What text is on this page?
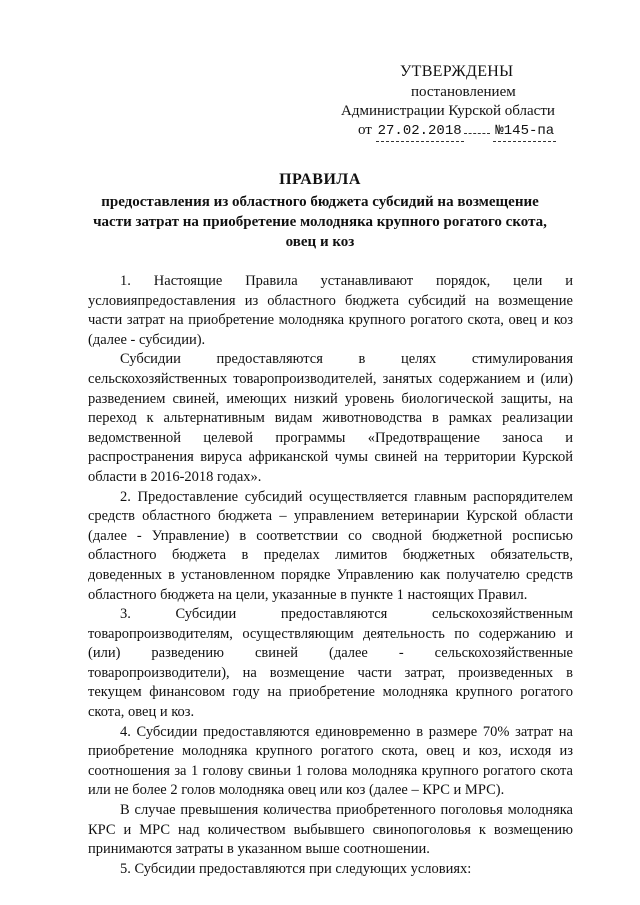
УТВЕРЖДЕНЫ
постановлением
Администрации Курской области
от 27.02.2018 №145-па
ПРАВИЛА
предоставления из областного бюджета субсидий на возмещение части затрат на приобретение молодняка крупного рогатого скота, овец и коз

1. Настоящие Правила устанавливают порядок, цели и условияпредоставления из областного бюджета субсидий на возмещение части затрат на приобретение молодняка крупного рогатого скота, овец и коз (далее - субсидии).

Субсидии предоставляются в целях стимулирования сельскохозяйственных товаропроизводителей, занятых содержанием и (или) разведением свиней, имеющих низкий уровень биологической защиты, на переход к альтернативным видам животноводства в рамках реализации ведомственной целевой программы «Предотвращение заноса и распространения вируса африканской чумы свиней на территории Курской области в 2016-2018 годах».

2. Предоставление субсидий осуществляется главным распорядителем средств областного бюджета – управлением ветеринарии Курской области (далее - Управление) в соответствии со сводной бюджетной росписью областного бюджета в пределах лимитов бюджетных обязательств, доведенных в установленном порядке Управлению как получателю средств областного бюджета на цели, указанные в пункте 1 настоящих Правил.

3. Субсидии предоставляются сельскохозяйственным товаропроизводителям, осуществляющим деятельность по содержанию и (или) разведению свиней (далее - сельскохозяйственные товаропроизводители), на возмещение части затрат, произведенных в текущем финансовом году на приобретение молодняка крупного рогатого скота, овец и коз.

4. Субсидии предоставляются единовременно в размере 70% затрат на приобретение молодняка крупного рогатого скота, овец и коз, исходя из соотношения за 1 голову свиньи 1 голова молодняка крупного рогатого скота или не более 2 голов молодняка овец или коз (далее – КРС и МРС).

В случае превышения количества приобретенного поголовья молодняка КРС и МРС над количеством выбывшего свинопоголовья к возмещению принимаются затраты в указанном выше соотношении.

5. Субсидии предоставляются при следующих условиях:
